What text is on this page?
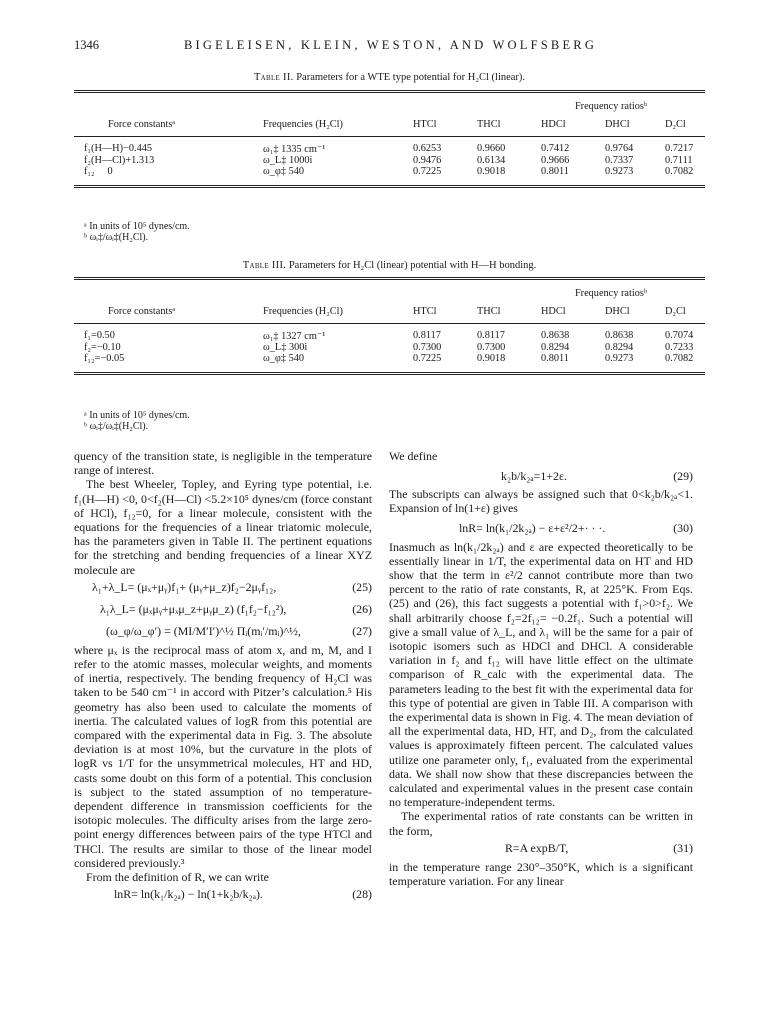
1346	BIGELEISEN, KLEIN, WESTON, AND WOLFSBERG
Table II. Parameters for a WTE type potential for H₂Cl (linear).
			Frequency ratiosᵇ			
Force constantsᵃ	Frequencies (H₂Cl)	HTCl	THCl	HDCl	DHCl	D₂Cl
f₁(H—H)−0.445	ω₁‡ 1335 cm⁻¹	0.6253	0.9660	0.7412	0.9764	0.7217
f₂(H—Cl)+1.313	ω_L‡ 1000i	0.9476	0.6134	0.9666	0.7337	0.7111
f₁₂     0	ω_φ‡ 540	0.7225	0.9018	0.8011	0.9273	0.7082
ᵃ In units of 10⁵ dynes/cm.
ᵇ ωᵢ‡/ωᵢ‡(H₂Cl).
Table III. Parameters for H₂Cl (linear) potential with H—H bonding.
			Frequency ratiosᵇ			
Force constantsᵃ	Frequencies (H₂Cl)	HTCl	THCl	HDCl	DHCl	D₂Cl
f₁=0.50	ω₁‡ 1327 cm⁻¹	0.8117	0.8117	0.8638	0.8638	0.7074
f₂=−0.10	ω_L‡ 300i	0.7300	0.7300	0.8294	0.8294	0.7233
f₁₂=−0.05	ω_φ‡ 540	0.7225	0.9018	0.8011	0.9273	0.7082
ᵃ In units of 10⁵ dynes/cm.
ᵇ ωᵢ‡/ωᵢ‡(H₂Cl).

quency of the transition state, is negligible in the temperature range of interest.

The best Wheeler, Topley, and Eyring type potential, i.e. f₁(H—H) <0, 0<f₂(H—Cl) <5.2×10⁵ dynes/cm (force constant of HCl), f₁₂=0, for a linear molecule, consistent with the equations for the frequencies of a linear triatomic molecule, has the parameters given in Table II. The pertinent equations for the stretching and bending frequencies of a linear XYZ molecule are

λ₁+λ_L= (μₓ+μᵧ)f₁+ (μᵧ+μ_z)f₂−2μᵧf₁₂,	(25)
λ₁λ_L= (μₓμᵧ+μₓμ_z+μᵧμ_z) (f₁f₂−f₁₂²),	(26)
(ω_φ/ω_φ′) = (MI/M′I′)^½ Πᵢ(mᵢ′/mᵢ)^½,	(27)

where μₓ is the reciprocal mass of atom x, and m, M, and I refer to the atomic masses, molecular weights, and moments of inertia, respectively. The bending frequency of H₂Cl was taken to be 540 cm⁻¹ in accord with Pitzer’s calculation.⁵ His geometry has also been used to calculate the moments of inertia. The calculated values of logR from this potential are compared with the experimental data in Fig. 3. The absolute deviation is at most 10%, but the curvature in the plots of logR vs 1/T for the unsymmetrical molecules, HT and HD, casts some doubt on this form of a potential. This conclusion is subject to the stated assumption of no temperature-dependent difference in transmission coefficients for the isotopic molecules. The difficulty arises from the large zero-point energy differences between pairs of the type HTCl and THCl. The results are similar to those of the linear model considered previously.³

From the definition of R, we can write

lnR= ln(k₁/k₂ₐ) − ln(1+k₂b/k₂ₐ).	(28)

We define

k₂b/k₂ₐ=1+2ε.	(29)

The subscripts can always be assigned such that 0<k₂b/k₂ₐ<1. Expansion of ln(1+ε) gives

lnR= ln(k₁/2k₂ₐ) − ε+ε²/2+· · ·.	(30)

Inasmuch as ln(k₁/2k₂ₐ) and ε are expected theoretically to be essentially linear in 1/T, the experimental data on HT and HD show that the term in ε²/2 cannot contribute more than two percent to the ratio of rate constants, R, at 225°K. From Eqs. (25) and (26), this fact suggests a potential with f₁>0>f₂. We shall arbitrarily choose f₂=2f₁₂= −0.2f₁. Such a potential will give a small value of λ_L, and λ₁ will be the same for a pair of isotopic isomers such as HDCl and DHCl. A considerable variation in f₂ and f₁₂ will have little effect on the ultimate comparison of R_calc with the experimental data. The parameters leading to the best fit with the experimental data for this type of potential are given in Table III. A comparison with the experimental data is shown in Fig. 4. The mean deviation of all the experimental data, HD, HT, and D₂, from the calculated values is approximately fifteen percent. The calculated values utilize one parameter only, f₁, evaluated from the experimental data. We shall now show that these discrepancies between the calculated and experimental values in the present case contain no temperature-independent terms.

The experimental ratios of rate constants can be written in the form,

R=A expB/T,	(31)

in the temperature range 230°–350°K, which is a significant temperature variation. For any linear
